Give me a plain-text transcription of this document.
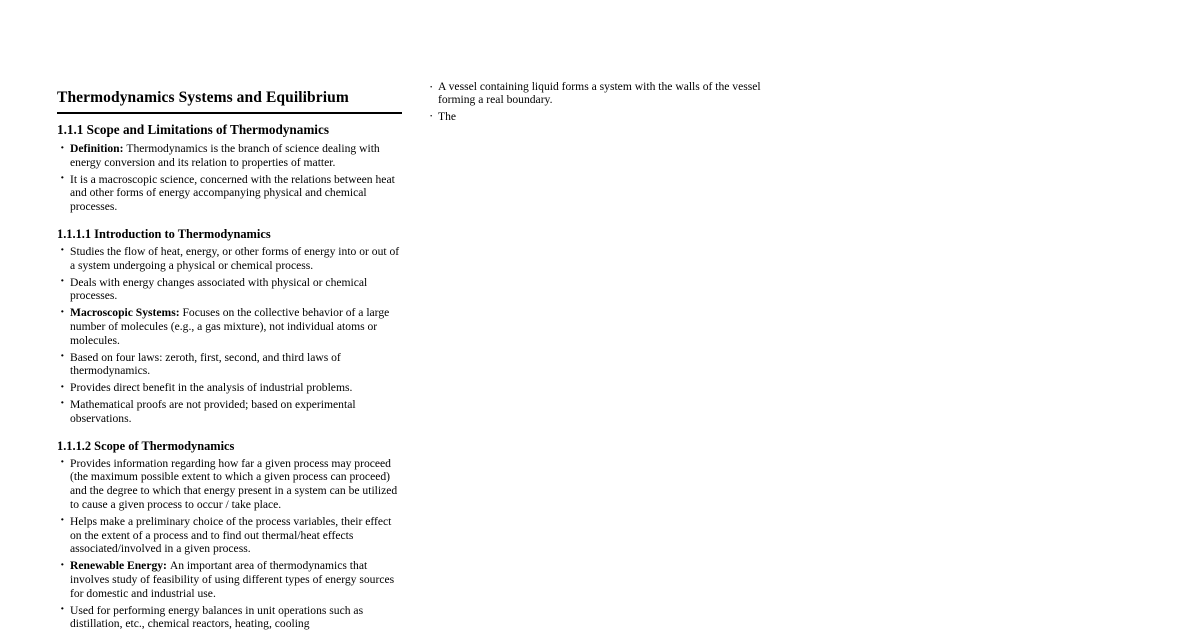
Thermodynamics Systems and Equilibrium
1.1.1 Scope and Limitations of Thermodynamics
· Definition: Thermodynamics is the branch of science dealing with energy conversion and its relation to properties of matter.
· It is a macroscopic science, concerned with the relations between heat and other forms of energy accompanying physical and chemical processes.
1.1.1.1 Introduction to Thermodynamics
· Studies the flow of heat, energy, or other forms of energy into or out of a system undergoing a physical or chemical process.
· Deals with energy changes associated with physical or chemical processes.
· Macroscopic Systems: Focuses on the collective behavior of a large number of molecules (e.g., a gas mixture), not individual atoms or molecules.
· Based on four laws: zeroth, first, second, and third laws of thermodynamics.
· Provides direct benefit in the analysis of industrial problems.
· Mathematical proofs are not provided; based on experimental observations.
1.1.1.2 Scope of Thermodynamics
· Provides information regarding how far a given process may proceed (the maximum possible extent to which a given process can proceed) and the degree to which that energy present in a system can be utilized to cause a given process to occur / take place.
· Helps make a preliminary choice of the process variables, their effect on the extent of a process and to find out thermal/heat effects associated/involved in a given process.
· Renewable Energy: An important area of thermodynamics that involves study of feasibility of using different types of energy sources for domestic and industrial use.
· Used for performing energy balances in unit operations such as distillation, etc., chemical reactors, heating, cooling
· A vessel containing liquid forms a system with the walls of the vessel forming a real boundary.
· The
